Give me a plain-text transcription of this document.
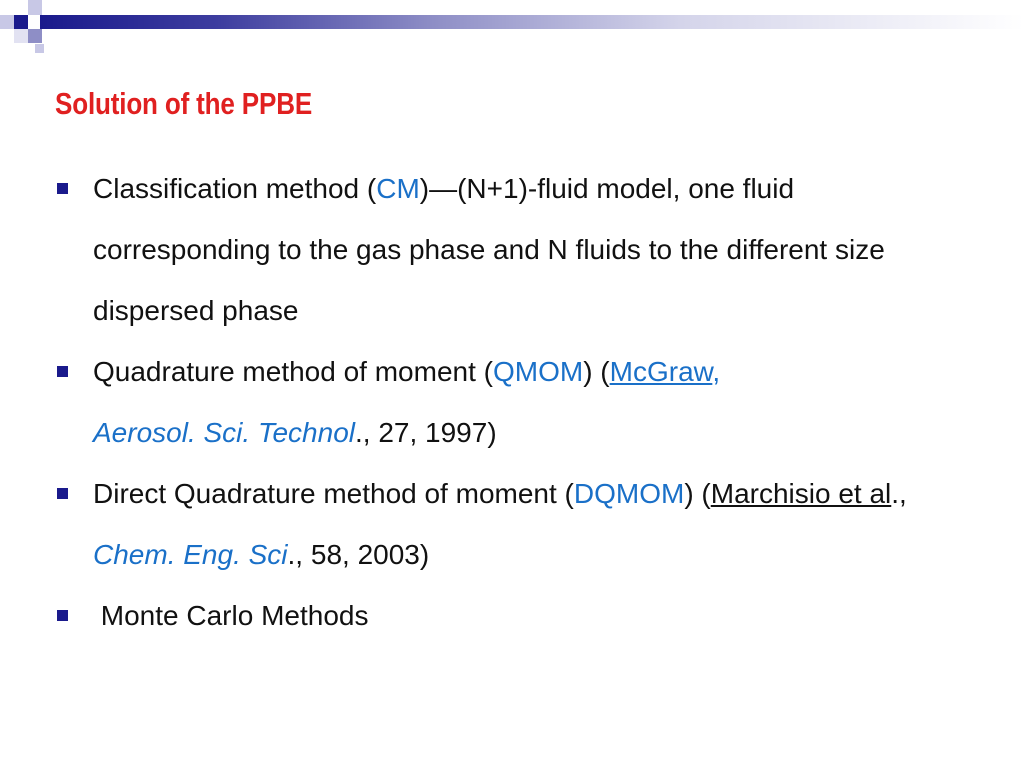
Solution of the PPBE
Classification method (CM)—(N+1)-fluid model, one fluid corresponding to the gas phase and N fluids to the different size dispersed phase
Quadrature method of moment (QMOM) (McGraw,
Aerosol. Sci. Technol., 27, 1997)
Direct Quadrature method of moment (DQMOM) (Marchisio et al., Chem. Eng. Sci., 58, 2003)
Monte Carlo Methods
